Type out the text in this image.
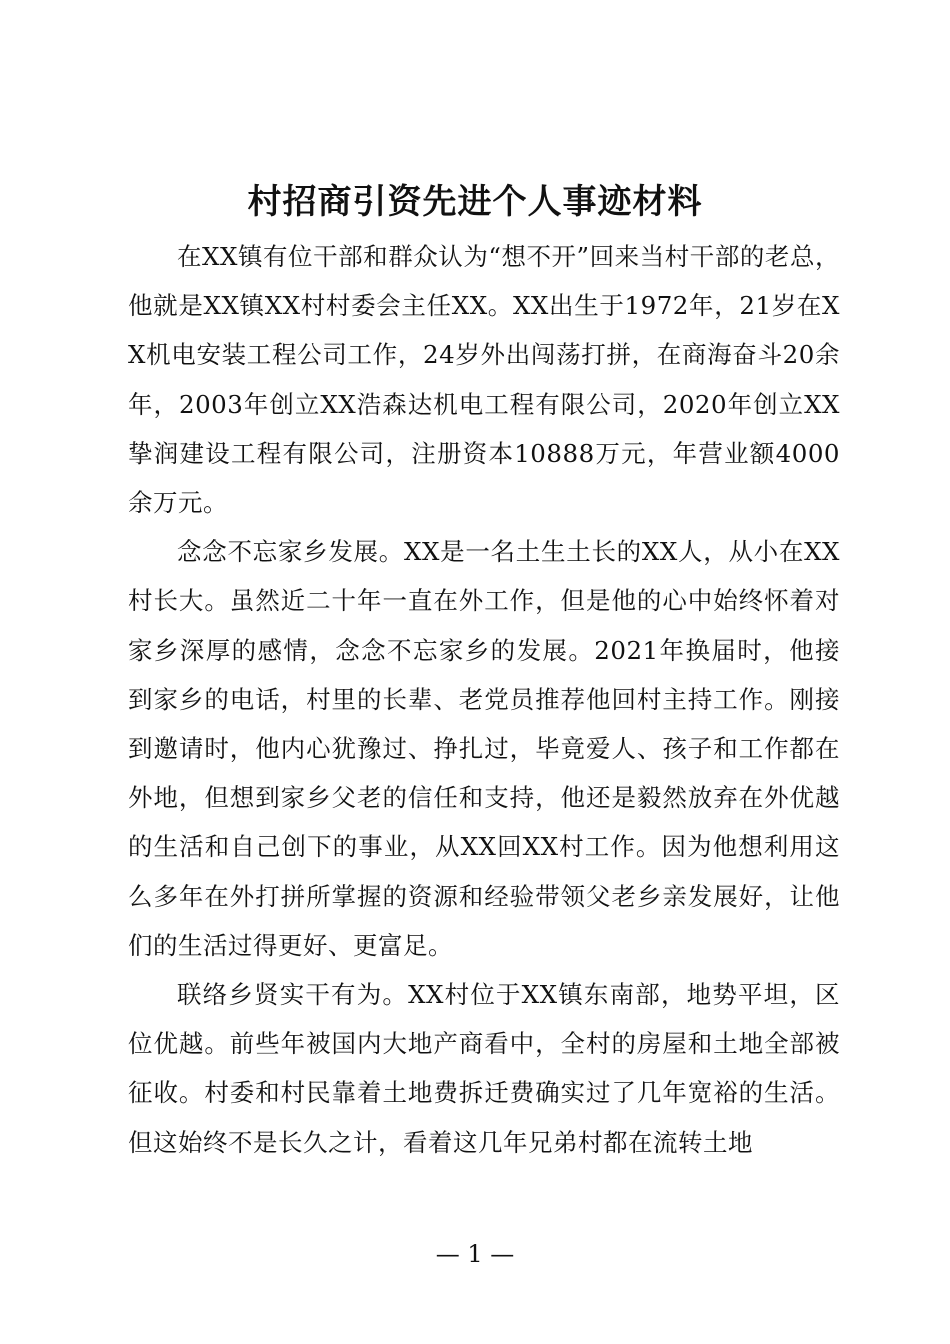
村招商引资先进个人事迹材料

在XX镇有位干部和群众认为“想不开”回来当村干部的老总，他就是XX镇XX村村委会主任XX。XX出生于1972年，21岁在XX机电安装工程公司工作，24岁外出闯荡打拼，在商海奋斗20余年，2003年创立XX浩森达机电工程有限公司，2020年创立XX挚润建设工程有限公司，注册资本10888万元，年营业额4000余万元。

念念不忘家乡发展。XX是一名土生土长的XX人，从小在XX村长大。虽然近二十年一直在外工作，但是他的心中始终怀着对家乡深厚的感情，念念不忘家乡的发展。2021年换届时，他接到家乡的电话，村里的长辈、老党员推荐他回村主持工作。刚接到邀请时，他内心犹豫过、挣扎过，毕竟爱人、孩子和工作都在外地，但想到家乡父老的信任和支持，他还是毅然放弃在外优越的生活和自己创下的事业，从XX回XX村工作。因为他想利用这么多年在外打拼所掌握的资源和经验带领父老乡亲发展好，让他们的生活过得更好、更富足。

联络乡贤实干有为。XX村位于XX镇东南部，地势平坦，区位优越。前些年被国内大地产商看中，全村的房屋和土地全部被征收。村委和村民靠着土地费拆迁费确实过了几年宽裕的生活。但这始终不是长久之计，看着这几年兄弟村都在流转土地

— 1 —
